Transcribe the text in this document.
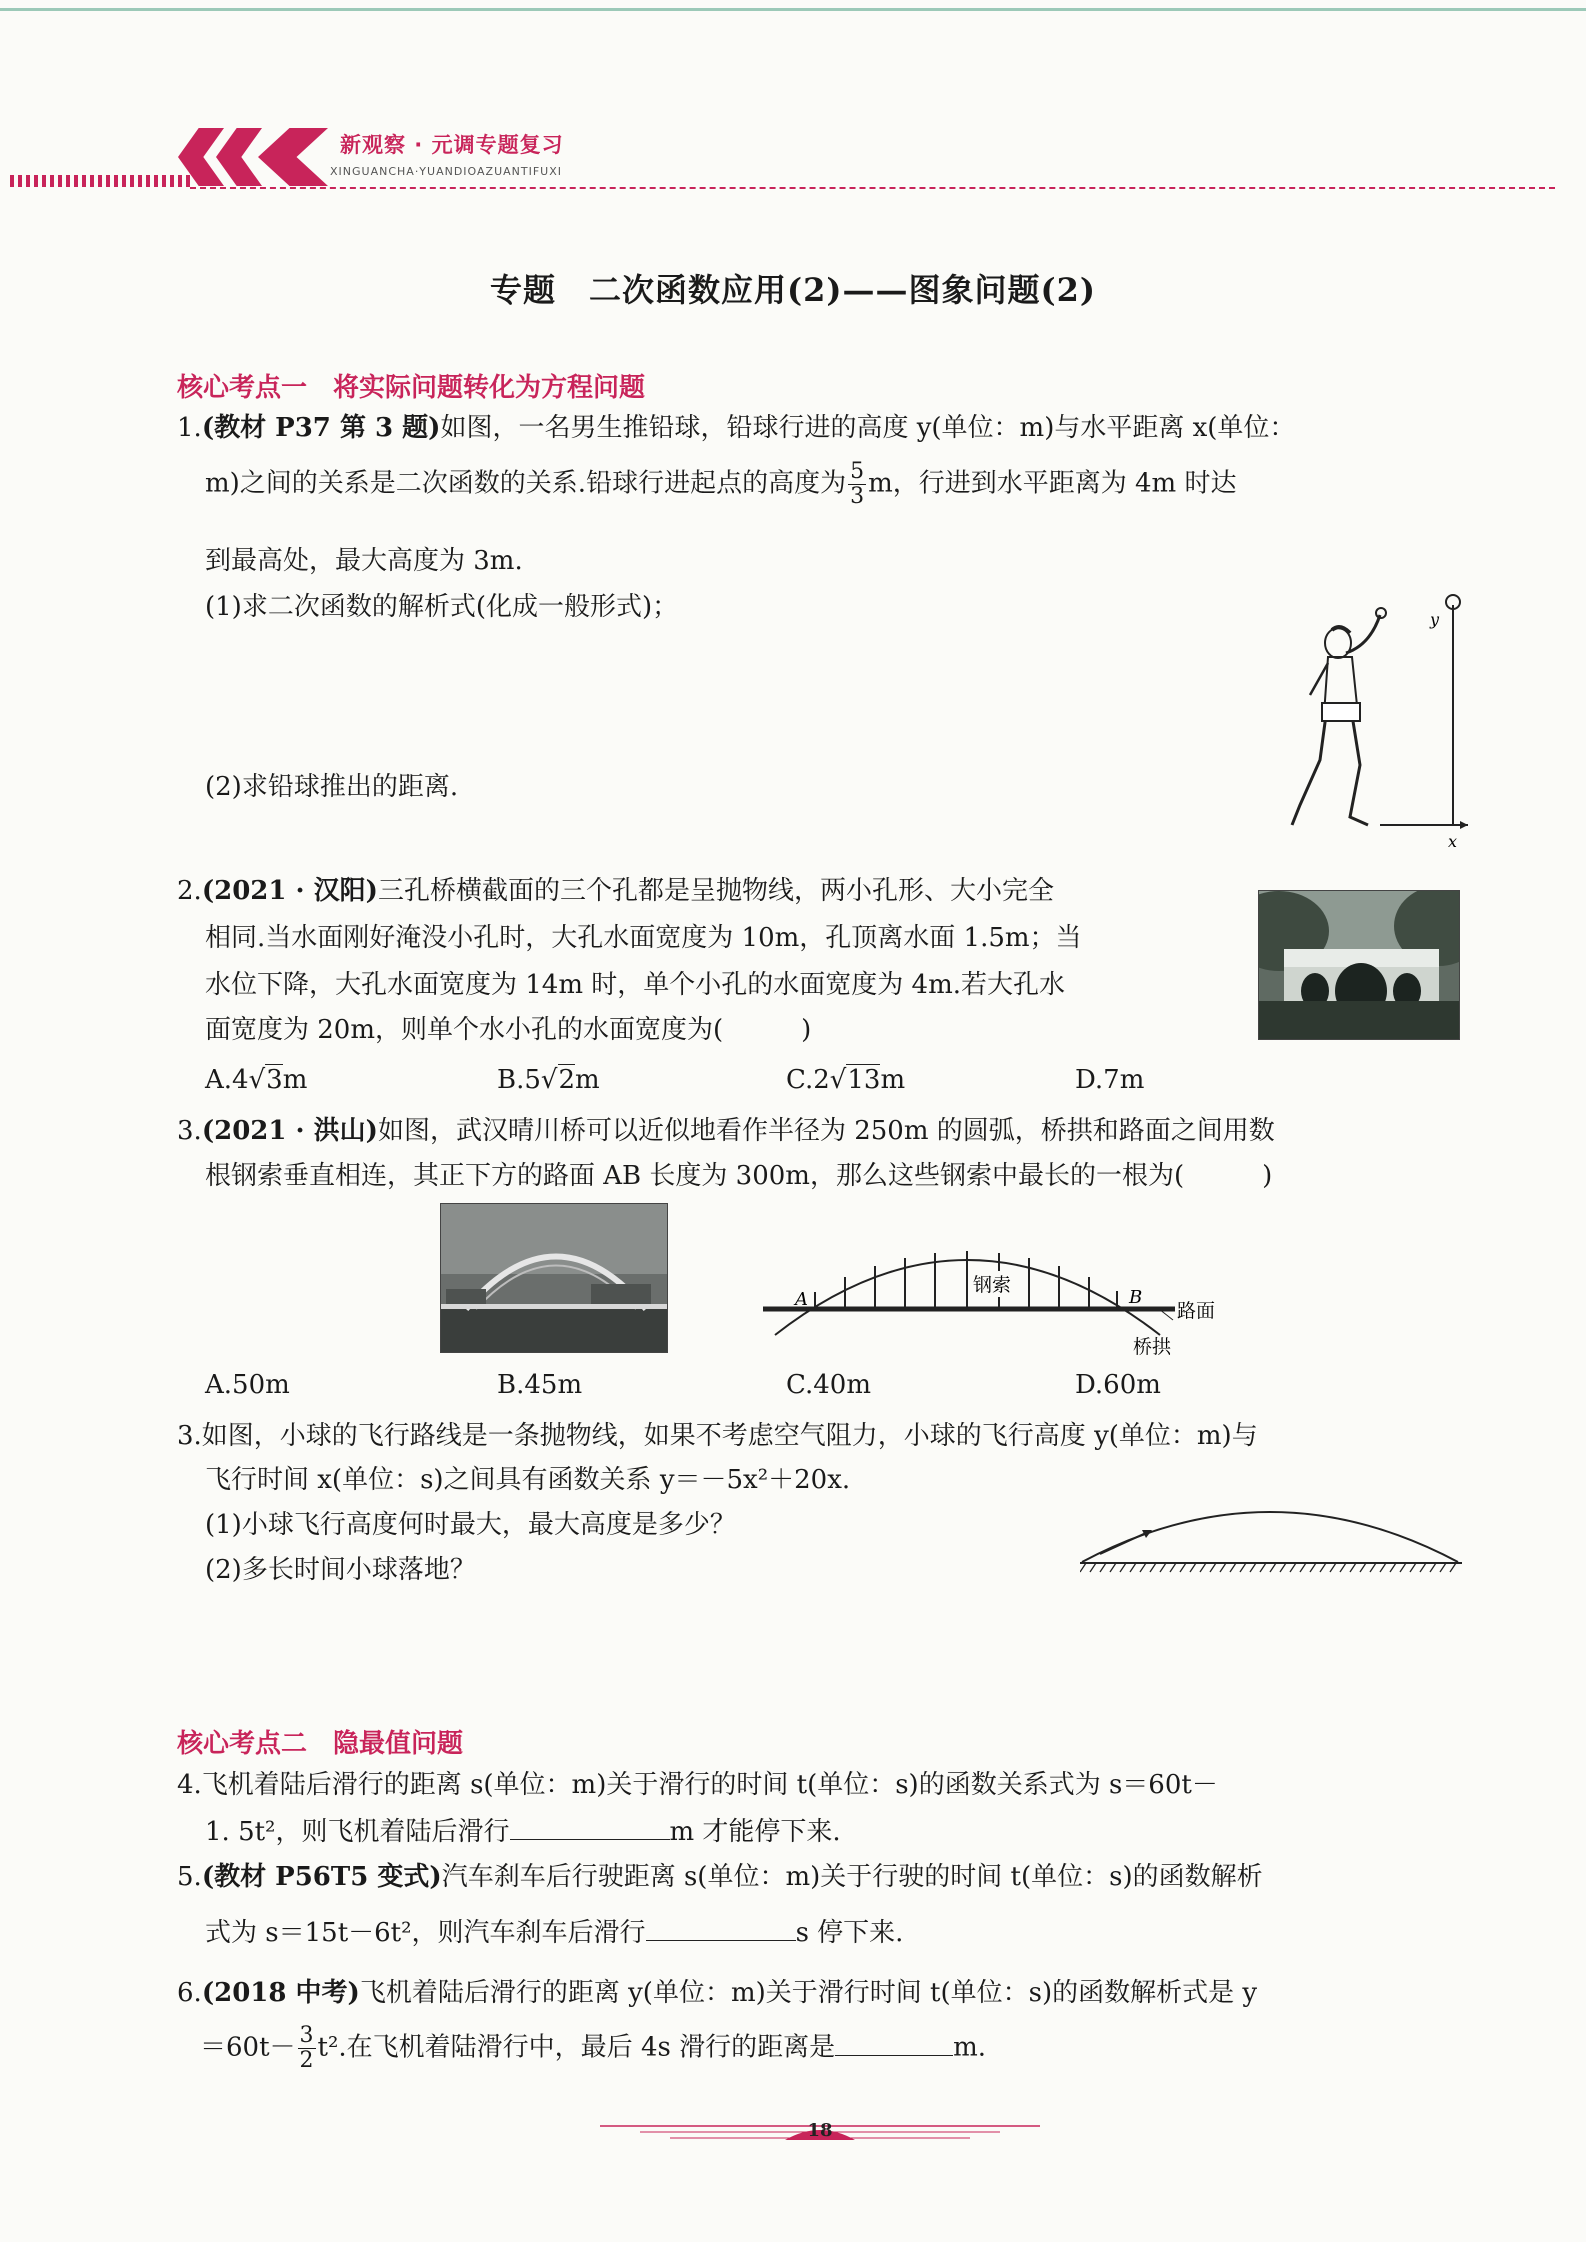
新观察 · 元调专题复习
XINGUANCHA·YUANDIOAZUANTIFUXI
专题　二次函数应用(2)——图象问题(2)
核心考点一　将实际问题转化为方程问题
1.(教材 P37 第 3 题)如图，一名男生推铅球，铅球行进的高度 y(单位：m)与水平距离 x(单位：
m)之间的关系是二次函数的关系.铅球行进起点的高度为 $\frac{5}{3}$ m，行进到水平距离为 4m 时达
到最高处，最大高度为 3m.
(1)求二次函数的解析式(化成一般形式)；
(2)求铅球推出的距离.
y
x
2.(2021 · 汉阳)三孔桥横截面的三个孔都是呈抛物线，两小孔形、大小完全
相同.当水面刚好淹没小孔时，大孔水面宽度为 10m，孔顶离水面 1.5m；当
水位下降，大孔水面宽度为 14m 时，单个小孔的水面宽度为 4m.若大孔水
面宽度为 20m，则单个水小孔的水面宽度为(　　　)
A.4√3m	B.5√2m	C.2√13m	D.7m
3.(2021 · 洪山)如图，武汉晴川桥可以近似地看作半径为 250m 的圆弧，桥拱和路面之间用数
根钢索垂直相连，其正下方的路面 AB 长度为 300m，那么这些钢索中最长的一根为(　　　)
钢索
A	B
路面
桥拱
A.50m	B.45m	C.40m	D.60m
3.如图，小球的飞行路线是一条抛物线，如果不考虑空气阻力，小球的飞行高度 y(单位：m)与
飞行时间 x(单位：s)之间具有函数关系 y＝－5x²＋20x.
(1)小球飞行高度何时最大，最大高度是多少？
(2)多长时间小球落地？
核心考点二　隐最值问题
4.飞机着陆后滑行的距离 s(单位：m)关于滑行的时间 t(单位：s)的函数关系式为 s＝60t－
1. 5t²，则飞机着陆后滑行	m 才能停下来.
5.(教材 P56T5 变式)汽车刹车后行驶距离 s(单位：m)关于行驶的时间 t(单位：s)的函数解析
式为 s＝15t－6t²，则汽车刹车后滑行	s 停下来.
6.(2018 中考)飞机着陆后滑行的距离 y(单位：m)关于滑行时间 t(单位：s)的函数解析式是 y
$=60t- \frac{3}{2} t^2$.在飞机着陆滑行中，最后 4s 滑行的距离是	m.
18
